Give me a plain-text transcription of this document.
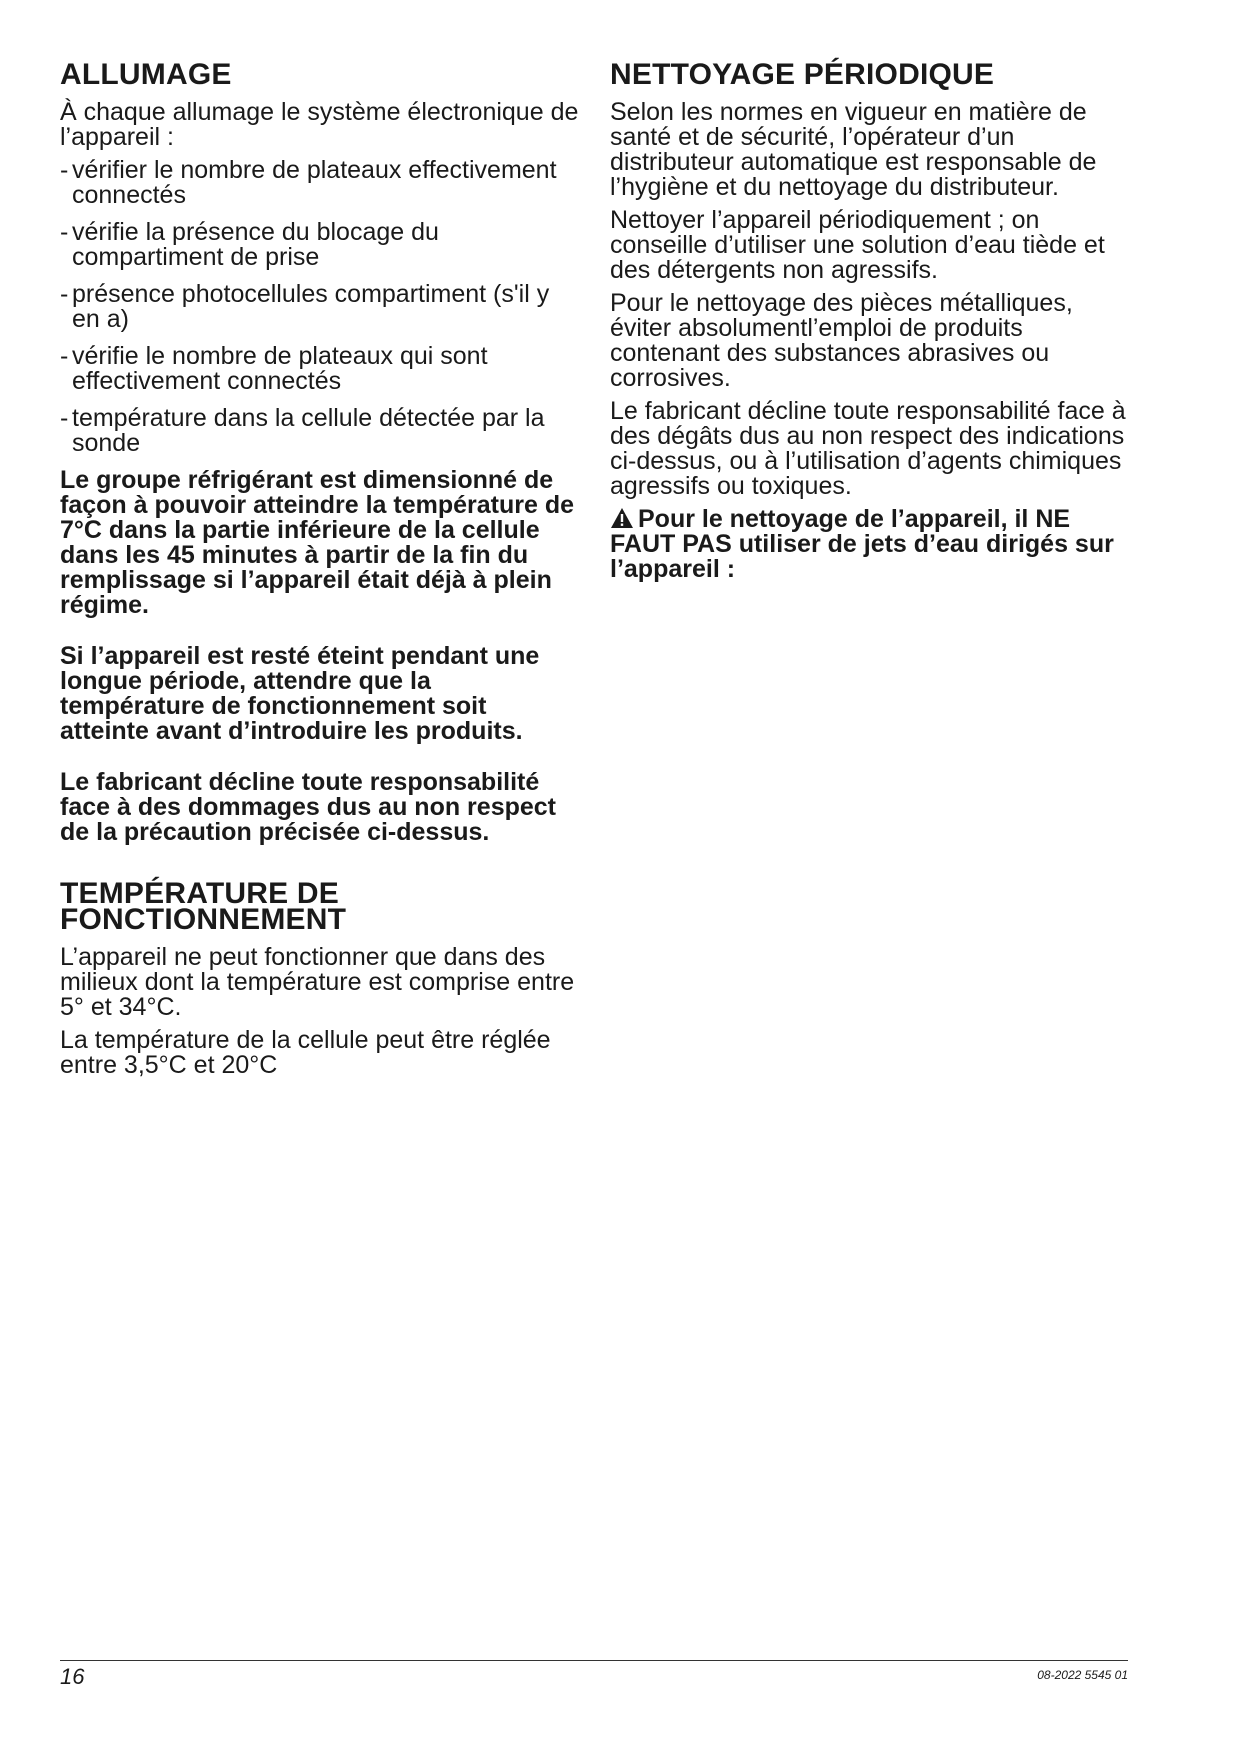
ALLUMAGE

À chaque allumage le système électronique de l’appareil :

- vérifier le nombre de plateaux effectivement connectés
- vérifie la présence du blocage du compartiment de prise
- présence photocellules compartiment (s'il y en a)
- vérifie le nombre de plateaux qui sont effectivement connectés
- température dans la cellule détectée par la sonde

Le groupe réfrigérant est dimensionné de façon à pouvoir atteindre la température de 7°C dans la partie inférieure de la cellule dans les 45 minutes à partir de la fin du remplissage si l’appareil était déjà à plein régime.

Si l’appareil est resté éteint pendant une longue période, attendre que la température de fonctionnement soit atteinte avant d’introduire les produits.

Le fabricant décline toute responsabilité face à des dommages dus au non respect de la précaution précisée ci-dessus.

TEMPÉRATURE DE FONCTIONNEMENT

L’appareil ne peut fonctionner que dans des milieux dont la température est comprise entre 5° et 34°C.

La température de la cellule peut être réglée entre 3,5°C et 20°C

NETTOYAGE PÉRIODIQUE

Selon les normes en vigueur en matière de santé et de sécurité, l’opérateur d’un distributeur automatique est responsable de l’hygiène et du nettoyage du distributeur.

Nettoyer l’appareil périodiquement ; on conseille d’utiliser une solution d’eau tiède et des détergents non agressifs.

Pour le nettoyage des pièces métalliques, éviter absolumentl’emploi de produits contenant des substances abrasives ou corrosives.

Le fabricant décline toute responsabilité face à des dégâts dus au non respect des indications ci-dessus, ou à l’utilisation d’agents chimiques agressifs ou toxiques.

Pour le nettoyage de l’appareil, il NE FAUT PAS utiliser de jets d’eau dirigés sur l’appareil :

16	08-2022 5545 01
